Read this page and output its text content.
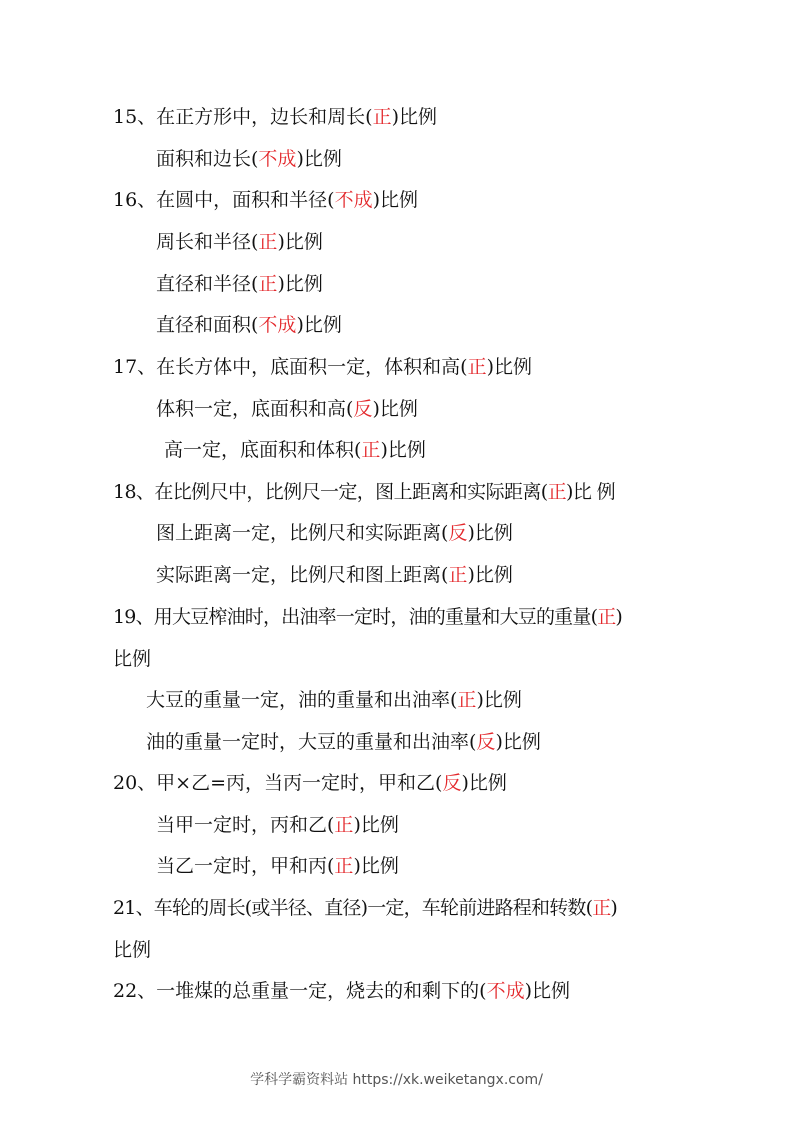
15、在正方形中，边长和周长(正)比例
面积和边长(不成)比例
16、在圆中，面积和半径(不成)比例
周长和半径(正)比例
直径和半径(正)比例
直径和面积(不成)比例
17、在长方体中，底面积一定，体积和高(正)比例
体积一定，底面积和高(反)比例
高一定，底面积和体积(正)比例
18、在比例尺中，比例尺一定，图上距离和实际距离(正)比 例
图上距离一定，比例尺和实际距离(反)比例
实际距离一定，比例尺和图上距离(正)比例
19、用大豆榨油时，出油率一定时，油的重量和大豆的重量(正)
比例
大豆的重量一定，油的重量和出油率(正)比例
油的重量一定时，大豆的重量和出油率(反)比例
20、甲×乙=丙，当丙一定时，甲和乙(反)比例
当甲一定时，丙和乙(正)比例
当乙一定时，甲和丙(正)比例
21、车轮的周长(或半径、直径)一定，车轮前进路程和转数(正)
比例
22、一堆煤的总重量一定，烧去的和剩下的(不成)比例
学科学霸资料站 https://xk.weiketangx.com/
